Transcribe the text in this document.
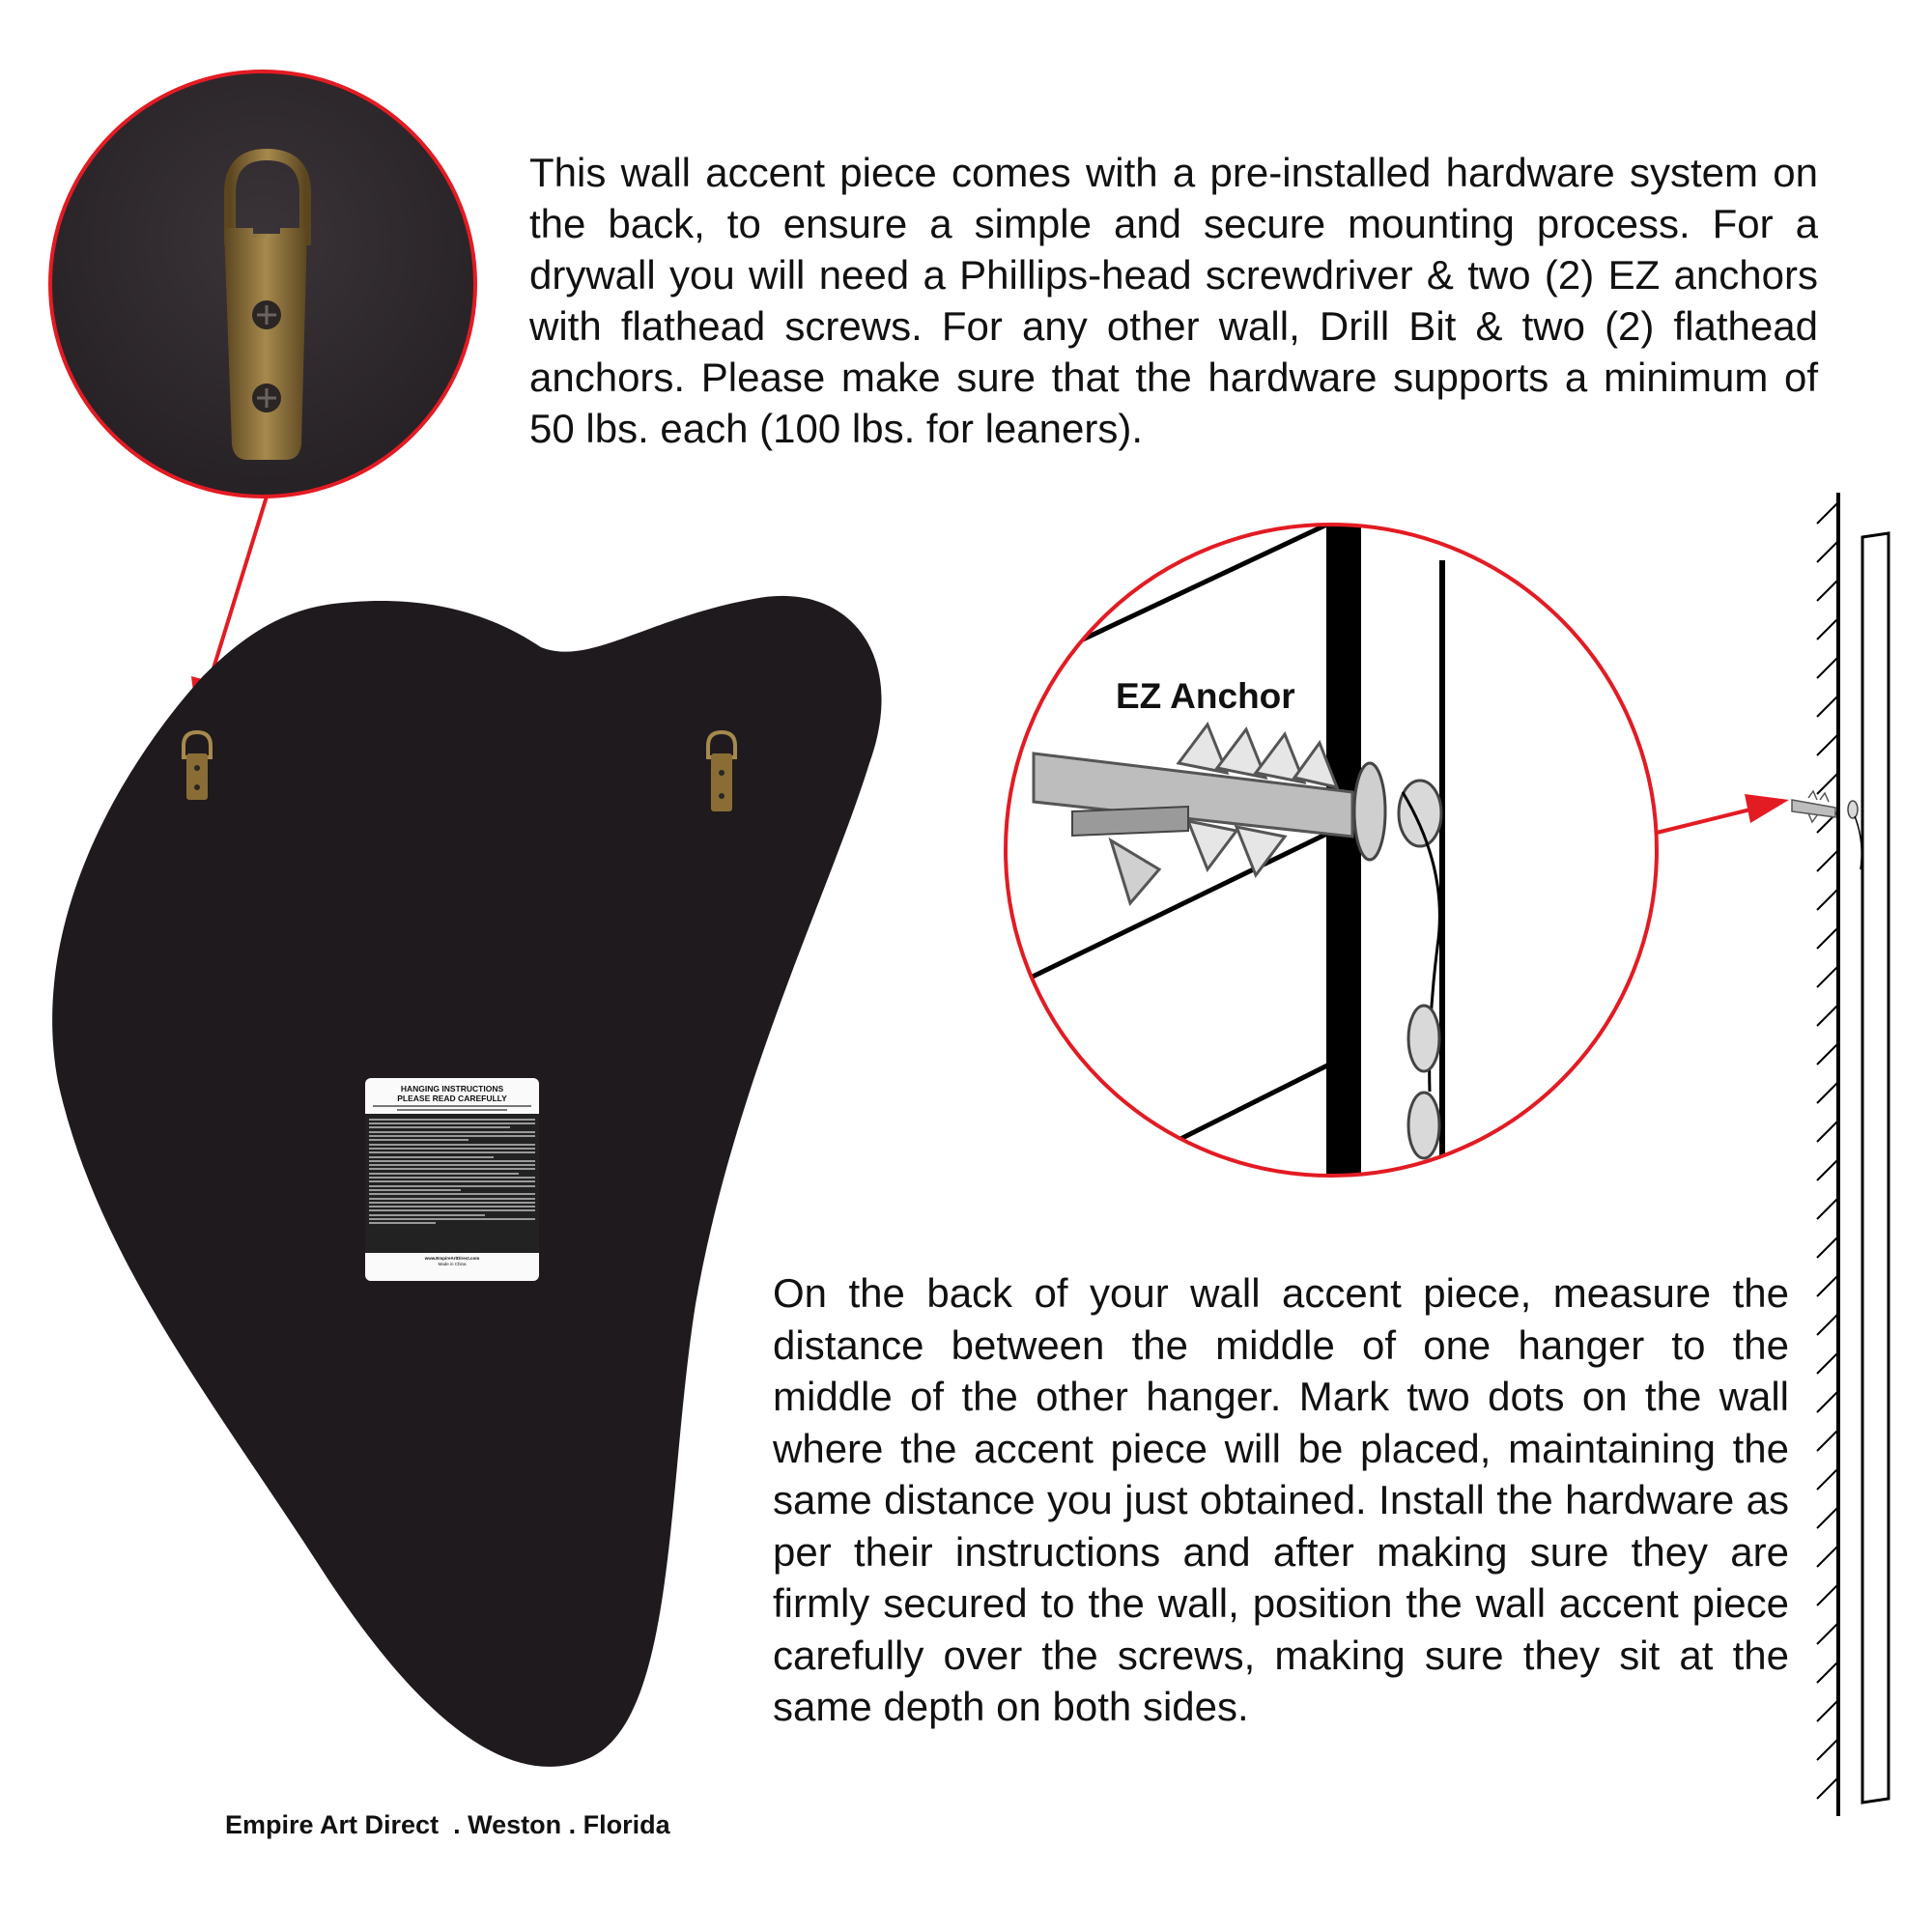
HANGING INSTRUCTIONS
PLEASE READ CAREFULLY
www.EmpireArtDirect.com
Made in China

This wall accent piece comes with a pre-installed hardware system on the back, to ensure a simple and secure mounting process. For a drywall you will need a Phillips-head screwdriver & two (2) EZ anchors with flathead screws. For any other wall, Drill Bit & two (2) flathead anchors. Please make sure that the hardware supports a minimum of 50 lbs. each (100 lbs. for leaners).

EZ Anchor

On the back of your wall accent piece, measure the distance between the middle of one hanger to the middle of the other hanger. Mark two dots on the wall where the accent piece will be placed, maintaining the same distance you just obtained. Install the hardware as per their instructions and after making sure they are firmly secured to the wall, position the wall accent piece carefully over the screws, making sure they sit at the same depth on both sides.

Empire Art Direct  . Weston . Florida
